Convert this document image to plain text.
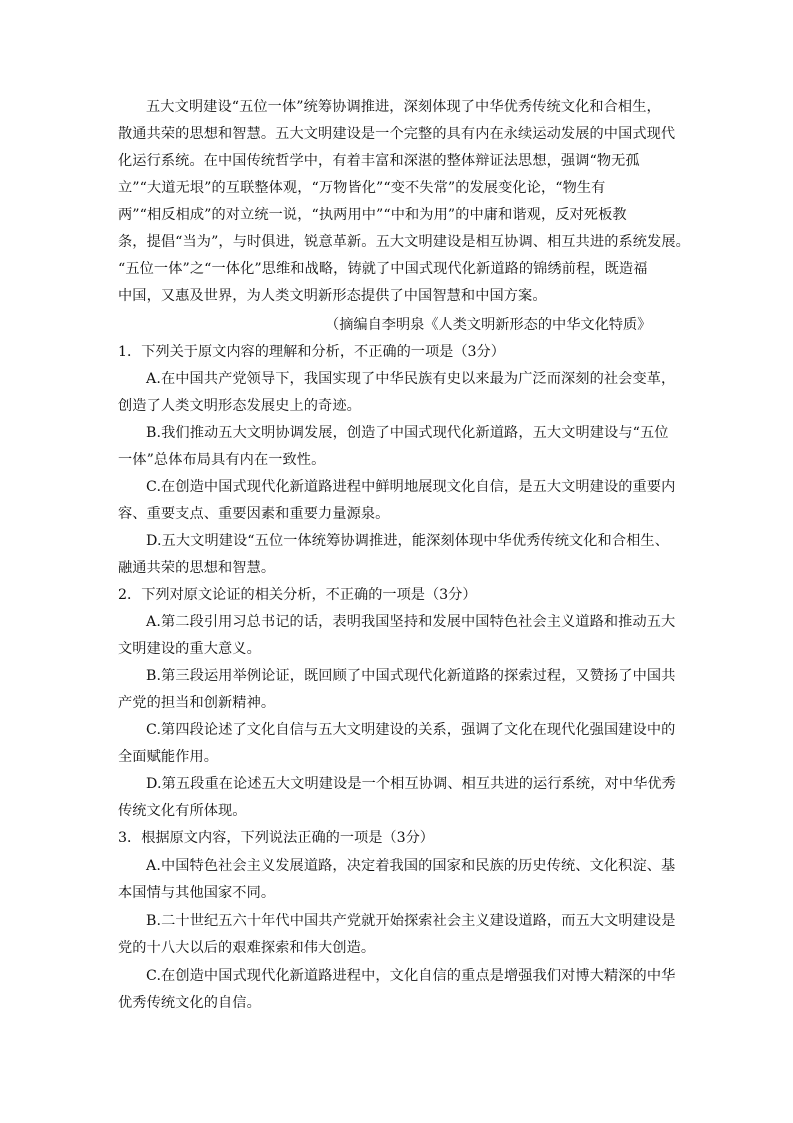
五大文明建设“五位一体”统筹协调推进，深刻体现了中华优秀传统文化和合相生，
散通共荣的思想和智慧。五大文明建设是一个完整的具有内在永续运动发展的中国式现代
化运行系统。在中国传统哲学中，有着丰富和深湛的整体辩证法思想，强调“物无孤
立”“大道无垠”的互联整体观，“万物皆化”“变不失常”的发展变化论，“物生有
两”“相反相成”的对立统一说，“执两用中”“中和为用”的中庸和谐观，反对死板教
条，提倡“当为”，与时俱进，锐意革新。五大文明建设是相互协调、相互共进的系统发展。
“五位一体”之“一体化”思维和战略，铸就了中国式现代化新道路的锦绣前程，既造福
中国，又惠及世界，为人类文明新形态提供了中国智慧和中国方案。
（摘编自李明泉《人类文明新形态的中华文化特质》
1．下列关于原文内容的理解和分析，不正确的一项是（3分）
A.在中国共产党领导下，我国实现了中华民族有史以来最为广泛而深刻的社会变革，
创造了人类文明形态发展史上的奇迹。
B.我们推动五大文明协调发展，创造了中国式现代化新道路，五大文明建设与“五位
一体”总体布局具有内在一致性。
C.在创造中国式现代化新道路进程中鲜明地展现文化自信，是五大文明建设的重要内
容、重要支点、重要因素和重要力量源泉。
D.五大文明建设“五位一体统筹协调推进，能深刻体现中华优秀传统文化和合相生、
融通共荣的思想和智慧。
2．下列对原文论证的相关分析，不正确的一项是（3分）
A.第二段引用习总书记的话，表明我国坚持和发展中国特色社会主义道路和推动五大
文明建设的重大意义。
B.第三段运用举例论证，既回顾了中国式现代化新道路的探索过程，又赞扬了中国共
产党的担当和创新精神。
C.第四段论述了文化自信与五大文明建设的关系，强调了文化在现代化强国建设中的
全面赋能作用。
D.第五段重在论述五大文明建设是一个相互协调、相互共进的运行系统，对中华优秀
传统文化有所体现。
3．根据原文内容，下列说法正确的一项是（3分）
A.中国特色社会主义发展道路，决定着我国的国家和民族的历史传统、文化积淀、基
本国情与其他国家不同。
B.二十世纪五六十年代中国共产党就开始探索社会主义建设道路，而五大文明建设是
党的十八大以后的艰难探索和伟大创造。
C.在创造中国式现代化新道路进程中，文化自信的重点是增强我们对博大精深的中华
优秀传统文化的自信。
